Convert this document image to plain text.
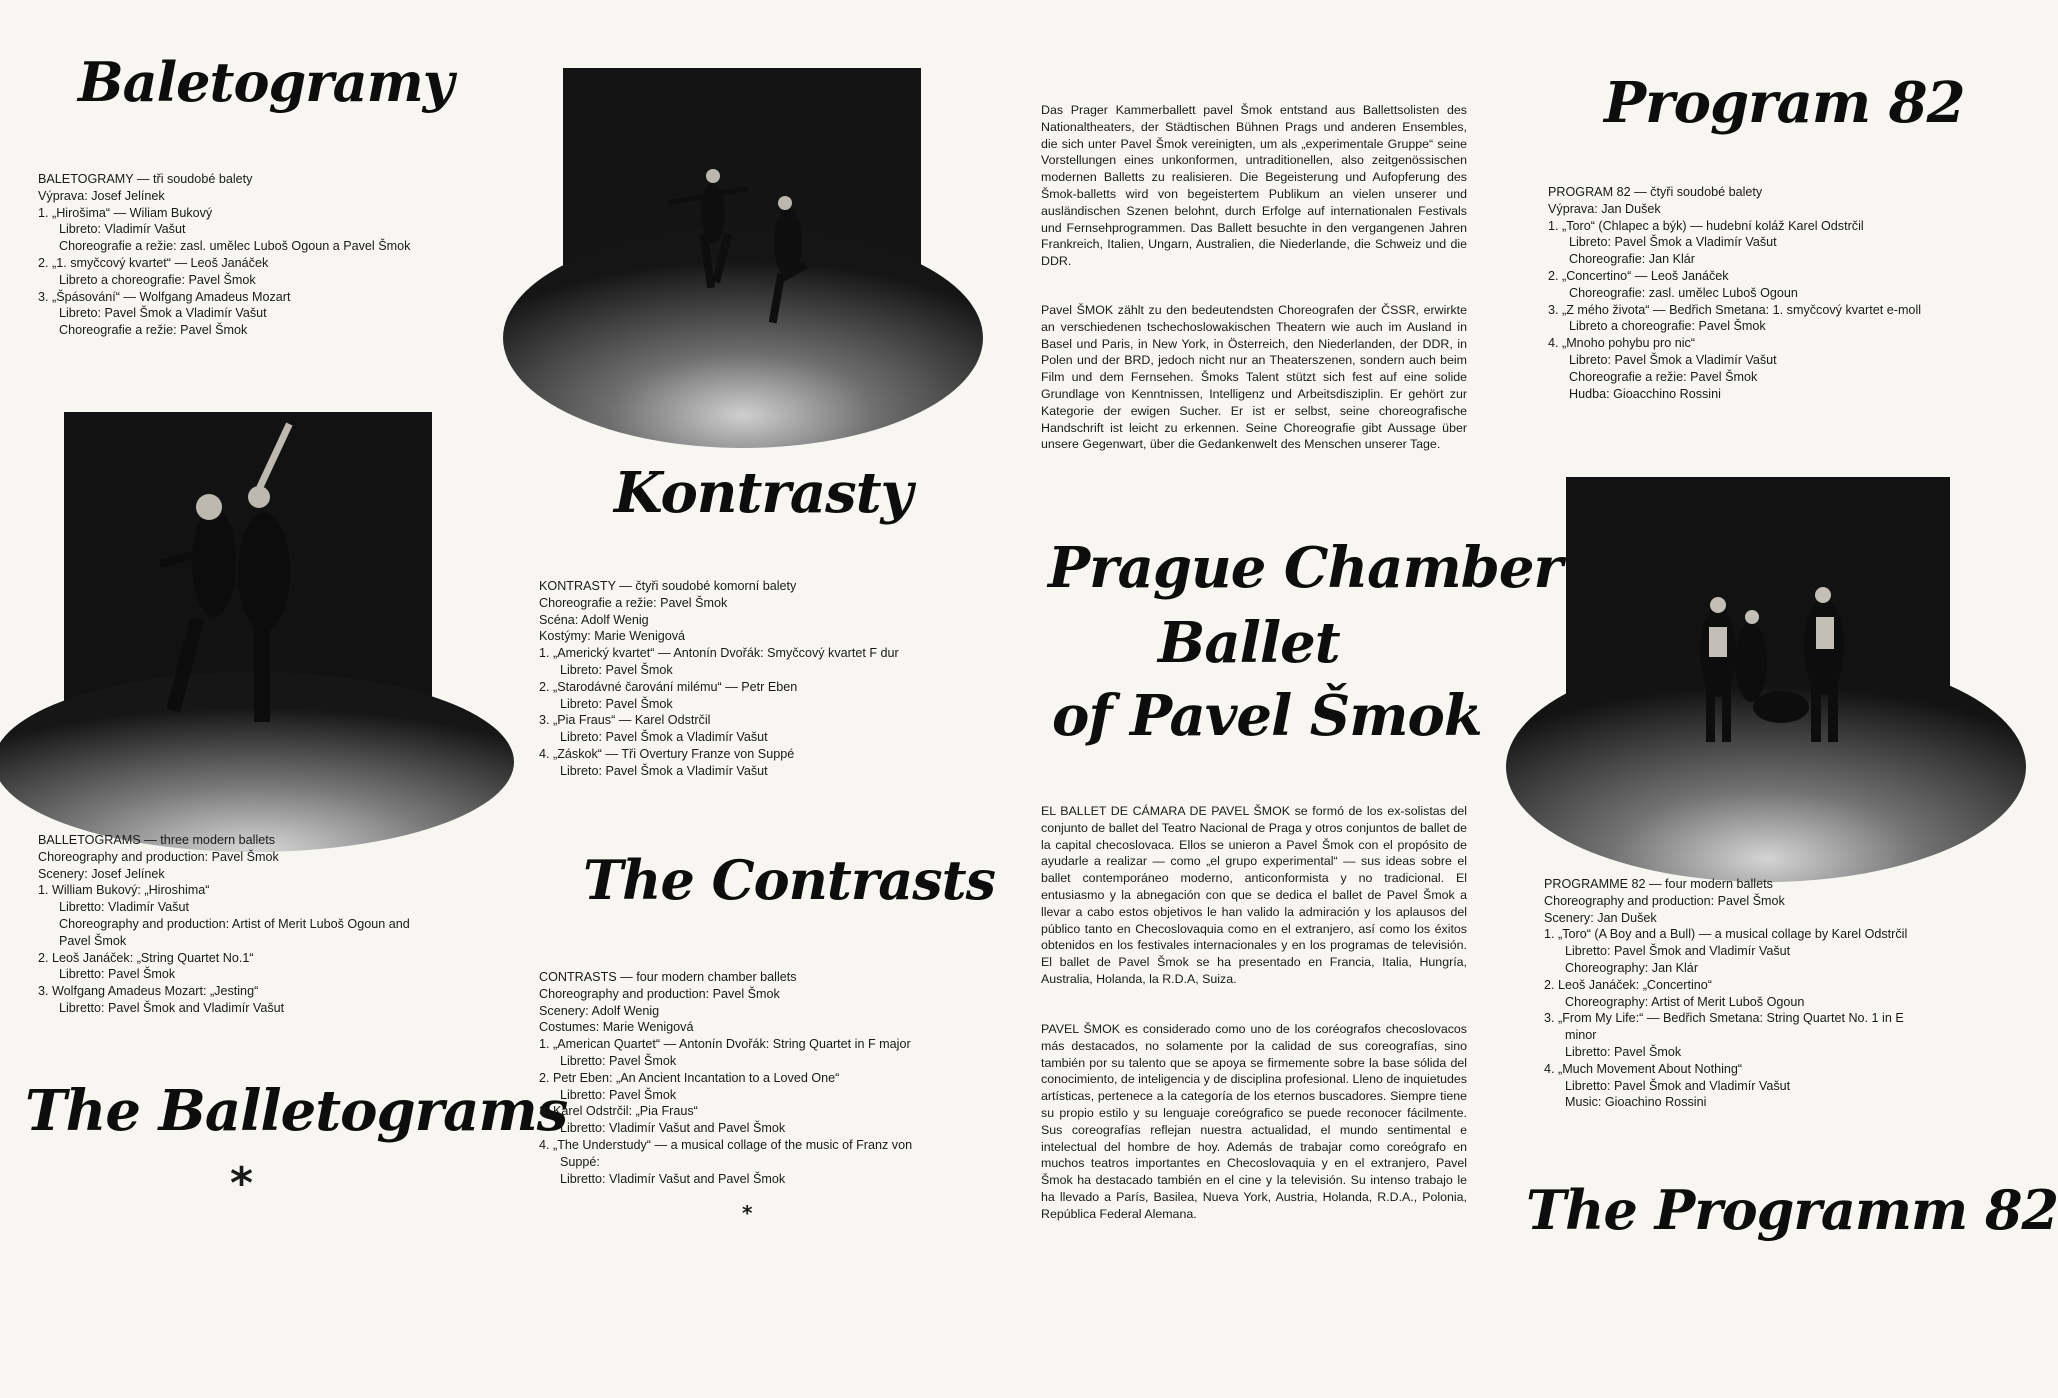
Baletogramy
BALETOGRAMY — tři soudobé balety
Výprava: Josef Jelínek
1. „Hirošima“ — Wiliam Bukový
Libreto: Vladimír Vašut
Choreografie a režie: zasl. umělec Luboš Ogoun a Pavel Šmok
2. „1. smyčcový kvartet“ — Leoš Janáček
Libreto a choreografie: Pavel Šmok
3. „Špásování“ — Wolfgang Amadeus Mozart
Libreto: Pavel Šmok a Vladimír Vašut
Choreografie a režie: Pavel Šmok
BALLETOGRAMS — three modern ballets
Choreography and production: Pavel Šmok
Scenery: Josef Jelínek
1. William Bukový: „Hiroshima“
Libretto: Vladimír Vašut
Choreography and production: Artist of Merit Luboš Ogoun and
Pavel Šmok
2. Leoš Janáček: „String Quartet No.1“
Libretto: Pavel Šmok
3. Wolfgang Amadeus Mozart: „Jesting“
Libretto: Pavel Šmok and Vladimír Vašut
The Balletograms
*
Kontrasty
KONTRASTY — čtyři soudobé komorní balety
Choreografie a režie: Pavel Šmok
Scéna: Adolf Wenig
Kostýmy: Marie Wenigová
1. „Americký kvartet“ — Antonín Dvořák: Smyčcový kvartet F dur
Libreto: Pavel Šmok
2. „Starodávné čarování milému“ — Petr Eben
Libreto: Pavel Šmok
3. „Pia Fraus“ — Karel Odstrčil
Libreto: Pavel Šmok a Vladimír Vašut
4. „Záskok“ — Tři Overtury Franze von Suppé
Libreto: Pavel Šmok a Vladimír Vašut
The Contrasts
CONTRASTS — four modern chamber ballets
Choreography and production: Pavel Šmok
Scenery: Adolf Wenig
Costumes: Marie Wenigová
1. „American Quartet“ — Antonín Dvořák: String Quartet in F major
Libretto: Pavel Šmok
2. Petr Eben: „An Ancient Incantation to a Loved One“
Libretto: Pavel Šmok
3. Karel Odstrčil: „Pia Fraus“
Libretto: Vladimír Vašut and Pavel Šmok
4. „The Understudy“ — a musical collage of the music of Franz von
Suppé:
Libretto: Vladimír Vašut and Pavel Šmok
*
Das Prager Kammerballett pavel Šmok entstand aus Ballettsolisten des Nationaltheaters, der Städtischen Bühnen Prags und anderen Ensembles, die sich unter Pavel Šmok vereinigten, um als „experimentale Gruppe“ seine Vorstellungen eines unkonformen, untraditionellen, also zeitgenössischen modernen Balletts zu realisieren. Die Begeisterung und Aufopferung des Šmok-balletts wird von begeistertem Publikum an vielen unserer und ausländischen Szenen belohnt, durch Erfolge auf internationalen Festivals und Fernsehprogrammen. Das Ballett besuchte in den vergangenen Jahren Frankreich, Italien, Ungarn, Australien, die Niederlande, die Schweiz und die DDR.
Pavel ŠMOK zählt zu den bedeutendsten Choreografen der ČSSR, erwirkte an verschiedenen tschechoslowakischen Theatern wie auch im Ausland in Basel und Paris, in New York, in Österreich, den Niederlanden, der DDR, in Polen und der BRD, jedoch nicht nur an Theaterszenen, sondern auch beim Film und dem Fernsehen. Šmoks Talent stützt sich fest auf eine solide Grundlage von Kenntnissen, Intelligenz und Arbeitsdisziplin. Er gehört zur Kategorie der ewigen Sucher. Er ist er selbst, seine choreografische Handschrift ist leicht zu erkennen. Seine Choreografie gibt Aussage über unsere Gegenwart, über die Gedankenwelt des Menschen unserer Tage.
Prague Chamber
Ballet
of Pavel Šmok
EL BALLET DE CÁMARA DE PAVEL ŠMOK se formó de los ex-solistas del conjunto de ballet del Teatro Nacional de Praga y otros conjuntos de ballet de la capital checoslovaca. Ellos se unieron a Pavel Šmok con el propósito de ayudarle a realizar — como „el grupo experimental“ — sus ideas sobre el ballet contemporáneo moderno, anticonformista y no tradicional. El entusiasmo y la abnegación con que se dedica el ballet de Pavel Šmok a llevar a cabo estos objetivos le han valido la admiración y los aplausos del público tanto en Checoslovaquia como en el extranjero, así como los éxitos obtenidos en los festivales internacionales y en los programas de televisión. El ballet de Pavel Šmok se ha presentado en Francia, Italia, Hungría, Australia, Holanda, la R.D.A, Suiza.
PAVEL ŠMOK es considerado como uno de los coréografos checoslovacos más destacados, no solamente por la calidad de sus coreografías, sino también por su talento que se apoya se firmemente sobre la base sólida del conocimiento, de inteligencia y de disciplina profesional. Lleno de inquietudes artísticas, pertenece a la categoría de los eternos buscadores. Siempre tiene su propio estilo y su lenguaje coreógrafico se puede reconocer fácilmente. Sus coreografías reflejan nuestra actualidad, el mundo sentimental e intelectual del hombre de hoy. Además de trabajar como coreógrafo en muchos teatros importantes en Checoslovaquia y en el extranjero, Pavel Šmok ha destacado también en el cine y la televisión. Su intenso trabajo le ha llevado a París, Basilea, Nueva York, Austria, Holanda, R.D.A., Polonia, República Federal Alemana.
Program 82
PROGRAM 82 — čtyři soudobé balety
Výprava: Jan Dušek
1. „Toro“ (Chlapec a býk) — hudební koláž Karel Odstrčil
Libreto: Pavel Šmok a Vladimír Vašut
Choreografie: Jan Klár
2. „Concertino“ — Leoš Janáček
Choreografie: zasl. umělec Luboš Ogoun
3. „Z mého života“ — Bedřich Smetana: 1. smyčcový kvartet e-moll
Libreto a choreografie: Pavel Šmok
4. „Mnoho pohybu pro nic“
Libreto: Pavel Šmok a Vladimír Vašut
Choreografie a režie: Pavel Šmok
Hudba: Gioacchino Rossini
PROGRAMME 82 — four modern ballets
Choreography and production: Pavel Šmok
Scenery: Jan Dušek
1. „Toro“ (A Boy and a Bull) — a musical collage by Karel Odstrčil
Libretto: Pavel Šmok and Vladimír Vašut
Choreography: Jan Klár
2. Leoš Janáček: „Concertino“
Choreography: Artist of Merit Luboš Ogoun
3. „From My Life:“ — Bedřich Smetana: String Quartet No. 1 in E
minor
Libretto: Pavel Šmok
4. „Much Movement About Nothing“
Libretto: Pavel Šmok and Vladimír Vašut
Music: Gioachino Rossini
The Programm 82
